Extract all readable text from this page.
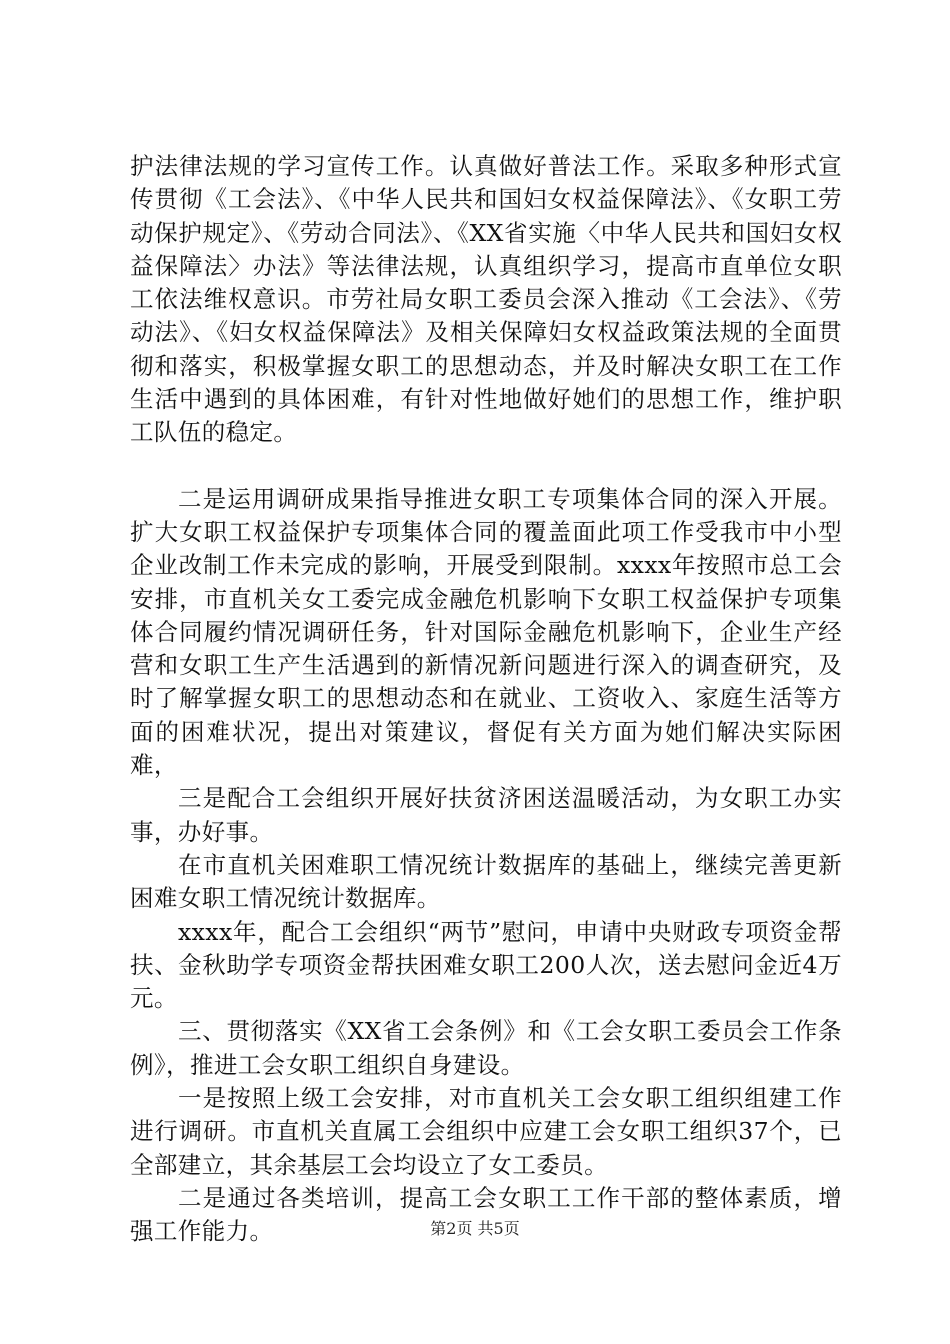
护法律法规的学习宣传工作。认真做好普法工作。采取多种形式宣传贯彻《工会法》、《中华人民共和国妇女权益保障法》、《女职工劳动保护规定》、《劳动合同法》、《XX省实施〈中华人民共和国妇女权益保障法〉办法》等法律法规，认真组织学习，提高市直单位女职工依法维权意识。市劳社局女职工委员会深入推动《工会法》、《劳动法》、《妇女权益保障法》及相关保障妇女权益政策法规的全面贯彻和落实，积极掌握女职工的思想动态，并及时解决女职工在工作生活中遇到的具体困难，有针对性地做好她们的思想工作，维护职工队伍的稳定。

二是运用调研成果指导推进女职工专项集体合同的深入开展。扩大女职工权益保护专项集体合同的覆盖面此项工作受我市中小型企业改制工作未完成的影响，开展受到限制。xxxx年按照市总工会安排，市直机关女工委完成金融危机影响下女职工权益保护专项集体合同履约情况调研任务，针对国际金融危机影响下，企业生产经营和女职工生产生活遇到的新情况新问题进行深入的调查研究，及时了解掌握女职工的思想动态和在就业、工资收入、家庭生活等方面的困难状况，提出对策建议，督促有关方面为她们解决实际困难，

三是配合工会组织开展好扶贫济困送温暖活动，为女职工办实事，办好事。

在市直机关困难职工情况统计数据库的基础上，继续完善更新困难女职工情况统计数据库。

xxxx年，配合工会组织“两节”慰问，申请中央财政专项资金帮扶、金秋助学专项资金帮扶困难女职工200人次，送去慰问金近4万元。

三、贯彻落实《XX省工会条例》和《工会女职工委员会工作条例》，推进工会女职工组织自身建设。

一是按照上级工会安排，对市直机关工会女职工组织组建工作进行调研。市直机关直属工会组织中应建工会女职工组织37个，已全部建立，其余基层工会均设立了女工委员。

二是通过各类培训，提高工会女职工工作干部的整体素质，增强工作能力。	第2页 共5页
